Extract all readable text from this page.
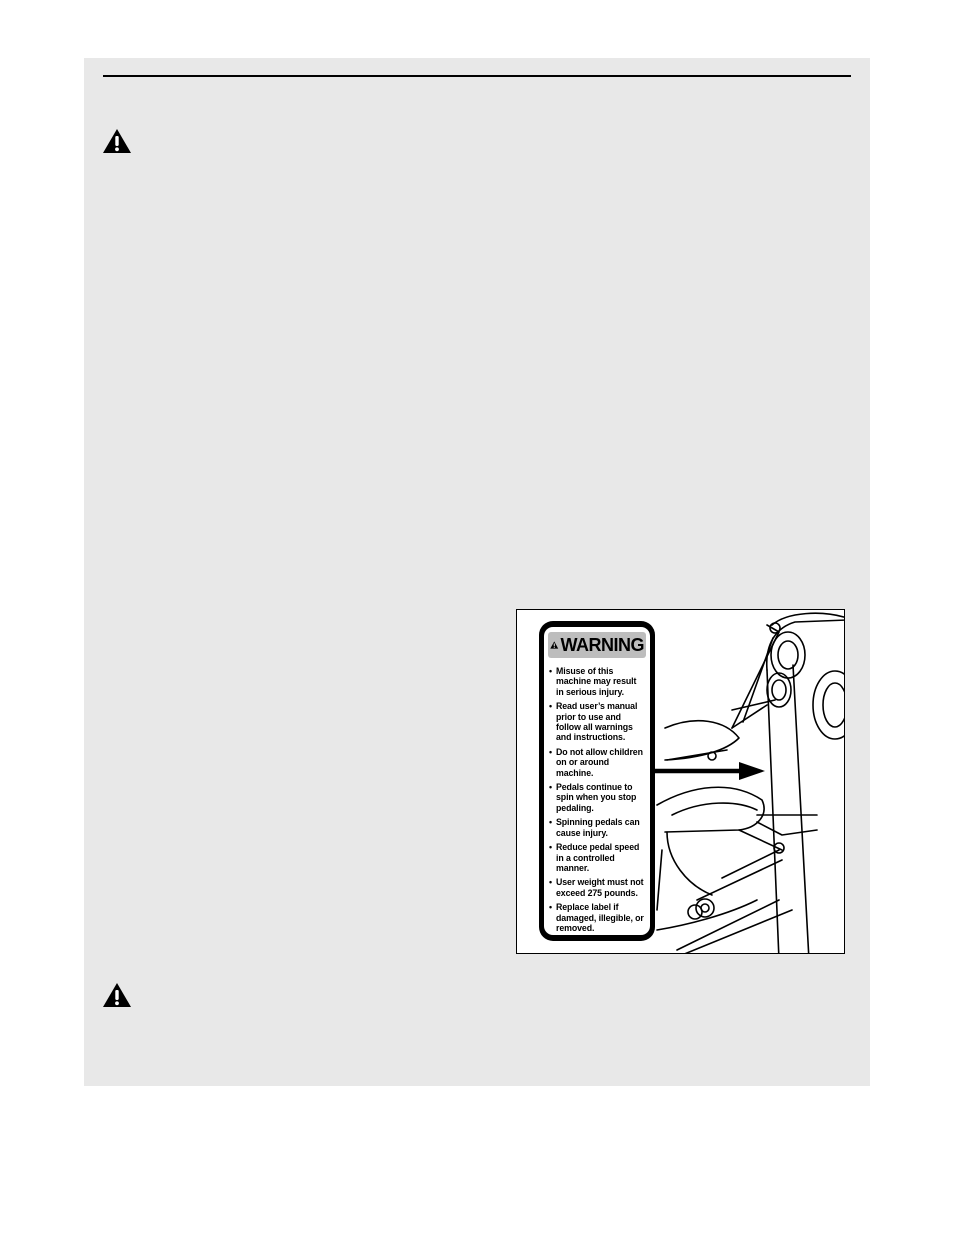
WARNING
• Misuse of this machine may result in serious injury.
• Read user’s manual prior to use and follow all warnings and instructions.
• Do not allow children on or around machine.
• Pedals continue to spin when you stop pedaling.
• Spinning pedals can cause injury.
• Reduce pedal speed in a controlled manner.
• User weight must not exceed 275 pounds.
• Replace label if damaged, illegible, or removed.
